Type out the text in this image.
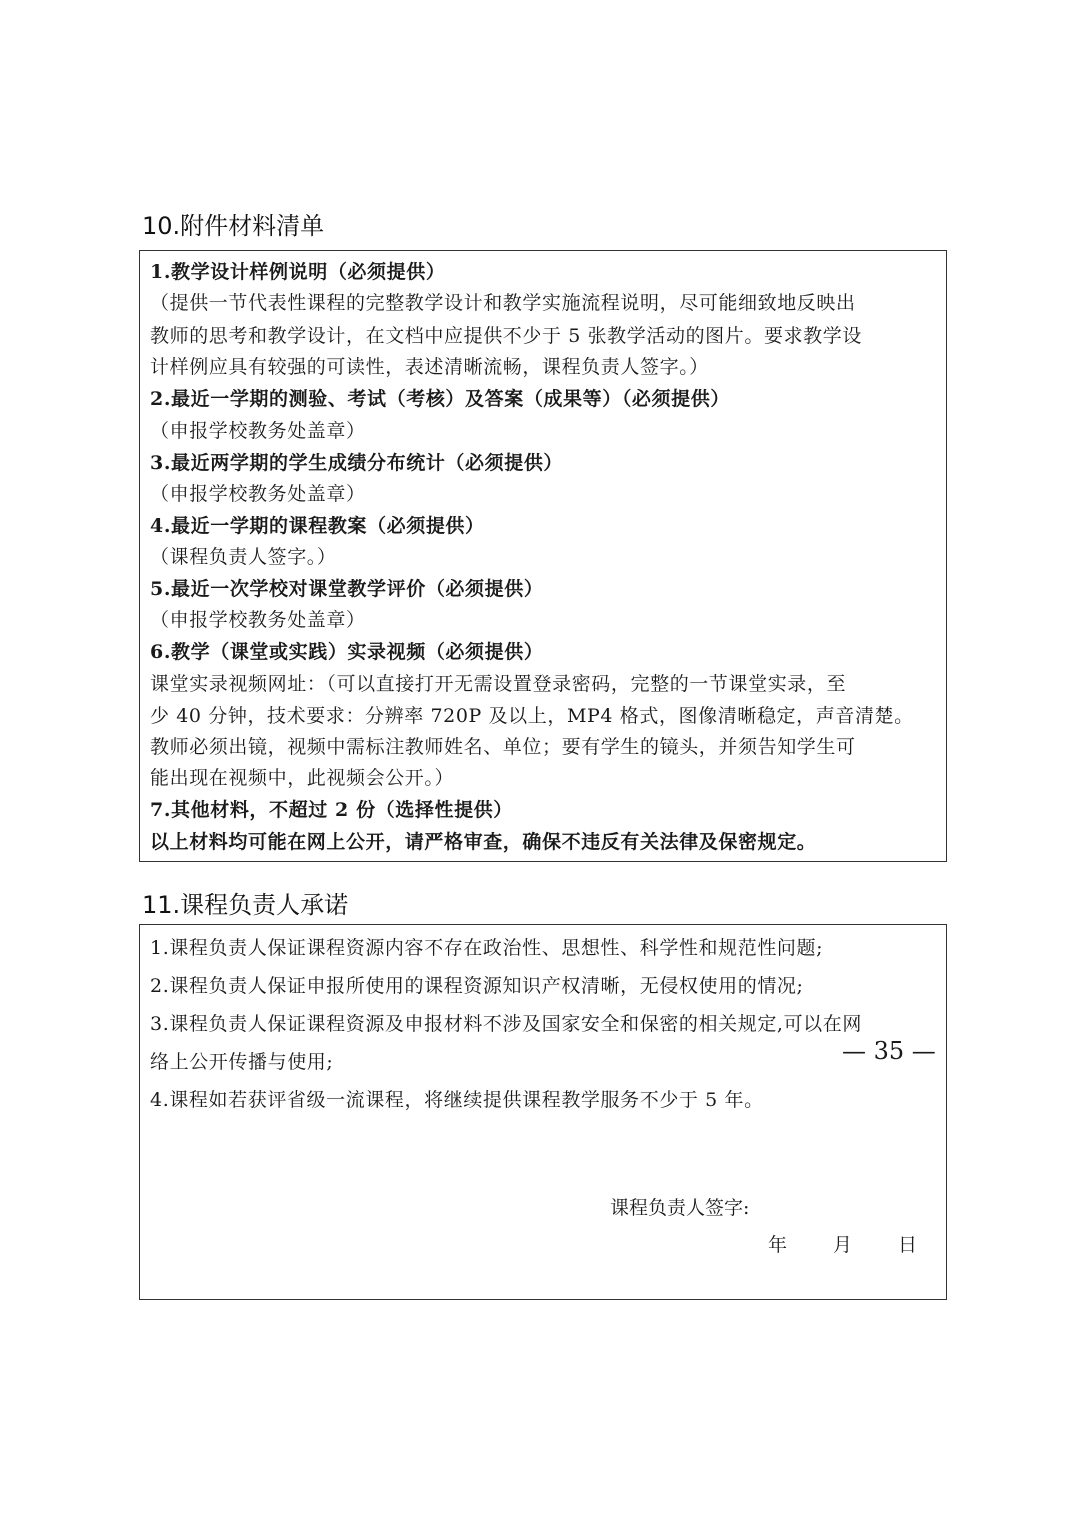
10.附件材料清单
1.教学设计样例说明（必须提供）
（提供一节代表性课程的完整教学设计和教学实施流程说明，尽可能细致地反映出
教师的思考和教学设计，在文档中应提供不少于 5 张教学活动的图片。要求教学设
计样例应具有较强的可读性，表述清晰流畅，课程负责人签字。）
2.最近一学期的测验、考试（考核）及答案（成果等）（必须提供）
（申报学校教务处盖章）
3.最近两学期的学生成绩分布统计（必须提供）
（申报学校教务处盖章）
4.最近一学期的课程教案（必须提供）
（课程负责人签字。）
5.最近一次学校对课堂教学评价（必须提供）
（申报学校教务处盖章）
6.教学（课堂或实践）实录视频（必须提供）
课堂实录视频网址：（可以直接打开无需设置登录密码，完整的一节课堂实录，至
少 40 分钟，技术要求：分辨率 720P 及以上，MP4 格式，图像清晰稳定，声音清楚。
教师必须出镜，视频中需标注教师姓名、单位；要有学生的镜头，并须告知学生可
能出现在视频中，此视频会公开。）
7.其他材料，不超过 2 份（选择性提供）
以上材料均可能在网上公开，请严格审查，确保不违反有关法律及保密规定。
11.课程负责人承诺
1.课程负责人保证课程资源内容不存在政治性、思想性、科学性和规范性问题;
2.课程负责人保证申报所使用的课程资源知识产权清晰，无侵权使用的情况;
3.课程负责人保证课程资源及申报材料不涉及国家安全和保密的相关规定,可以在网
络上公开传播与使用;
4.课程如若获评省级一流课程，将继续提供课程教学服务不少于 5 年。
课程负责人签字:
年 月 日
— 35 —
